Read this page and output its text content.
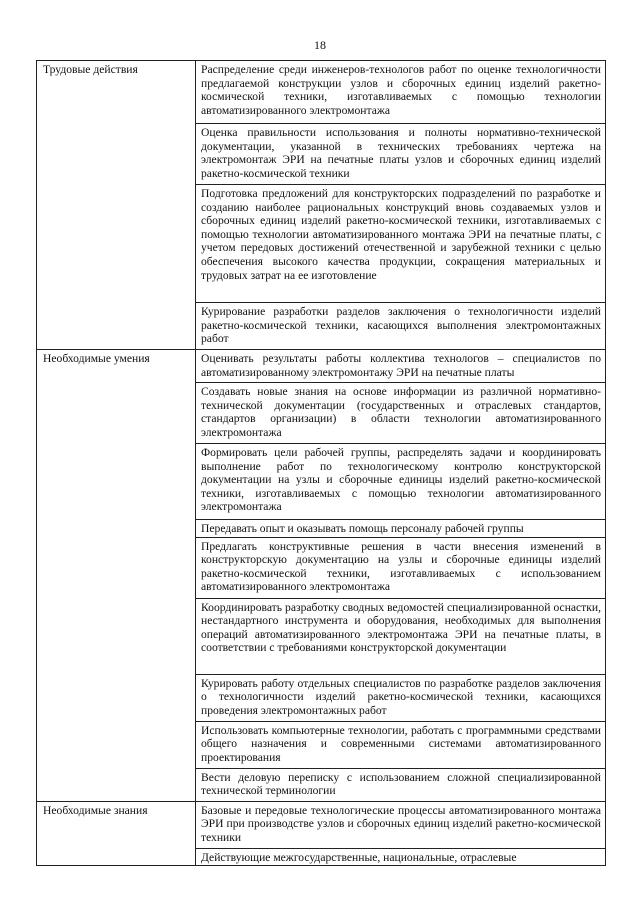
18
Трудовые действия	Распределение среди инженеров-технологов работ по оценке технологичности предлагаемой конструкции узлов и сборочных единиц изделий ракетно-космической техники, изготавливаемых с помощью технологии автоматизированного электромонтажа
	Оценка правильности использования и полноты нормативно-технической документации, указанной в технических требованиях чертежа на электромонтаж ЭРИ на печатные платы узлов и сборочных единиц изделий ракетно-космической техники
	Подготовка предложений для конструкторских подразделений по разработке и созданию наиболее рациональных конструкций вновь создаваемых узлов и сборочных единиц изделий ракетно-космической техники, изготавливаемых с помощью технологии автоматизированного монтажа ЭРИ на печатные платы, с учетом передовых достижений отечественной и зарубежной техники с целью обеспечения высокого качества продукции, сокращения материальных и трудовых затрат на ее изготовление
	Курирование разработки разделов заключения о технологичности изделий ракетно-космической техники, касающихся выполнения электромонтажных работ
Необходимые умения	Оценивать результаты работы коллектива технологов – специалистов по автоматизированному электромонтажу ЭРИ на печатные платы
	Создавать новые знания на основе информации из различной нормативно-технической документации (государственных и отраслевых стандартов, стандартов организации) в области технологии автоматизированного электромонтажа
	Формировать цели рабочей группы, распределять задачи и координировать выполнение работ по технологическому контролю конструкторской документации на узлы и сборочные единицы изделий ракетно-космической техники, изготавливаемых с помощью технологии автоматизированного электромонтажа
	Передавать опыт и оказывать помощь персоналу рабочей группы
	Предлагать конструктивные решения в части внесения изменений в конструкторскую документацию на узлы и сборочные единицы изделий ракетно-космической техники, изготавливаемых с использованием автоматизированного электромонтажа
	Координировать разработку сводных ведомостей специализированной оснастки, нестандартного инструмента и оборудования, необходимых для выполнения операций автоматизированного электромонтажа ЭРИ на печатные платы, в соответствии с требованиями конструкторской документации
	Курировать работу отдельных специалистов по разработке разделов заключения о технологичности изделий ракетно-космической техники, касающихся проведения электромонтажных работ
	Использовать компьютерные технологии, работать с программными средствами общего назначения и современными системами автоматизированного проектирования
	Вести деловую переписку с использованием сложной специализированной технической терминологии
Необходимые знания	Базовые и передовые технологические процессы автоматизированного монтажа ЭРИ при производстве узлов и сборочных единиц изделий ракетно-космической техники
	Действующие межгосударственные, национальные, отраслевые
